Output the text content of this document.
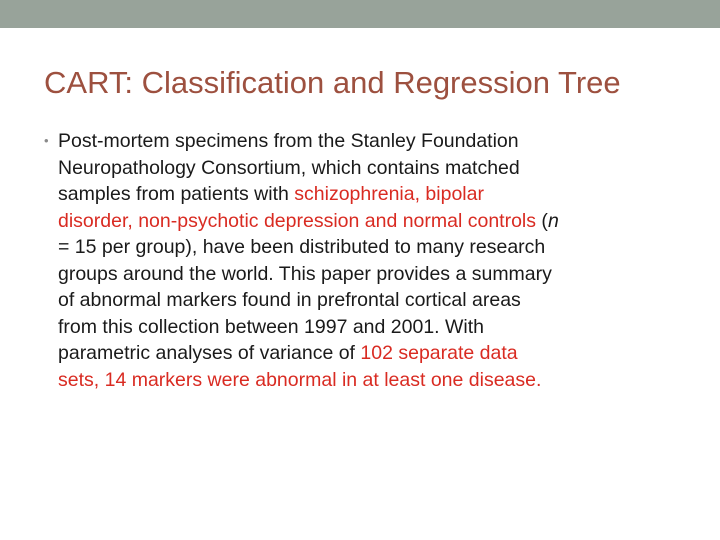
CART: Classification and Regression Tree
• Post-mortem specimens from the Stanley Foundation
Neuropathology Consortium, which contains matched
samples from patients with schizophrenia, bipolar
disorder, non-psychotic depression and normal controls (n
= 15 per group), have been distributed to many research
groups around the world. This paper provides a summary
of abnormal markers found in prefrontal cortical areas
from this collection between 1997 and 2001. With
parametric analyses of variance of 102 separate data
sets, 14 markers were abnormal in at least one disease.
